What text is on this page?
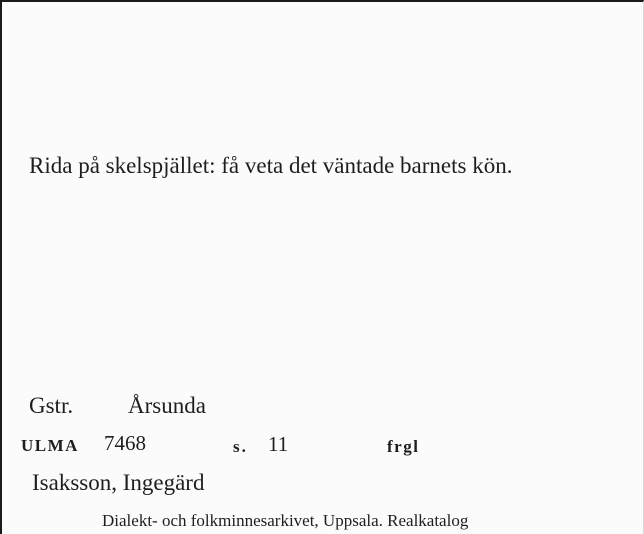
Rida på skelspjället: få veta det väntade barnets kön.
Gstr. Årsunda
ULMA 7468	s. 11	frgl
Isaksson, Ingegärd
Dialekt- och folkminnesarkivet, Uppsala. Realkatalog
